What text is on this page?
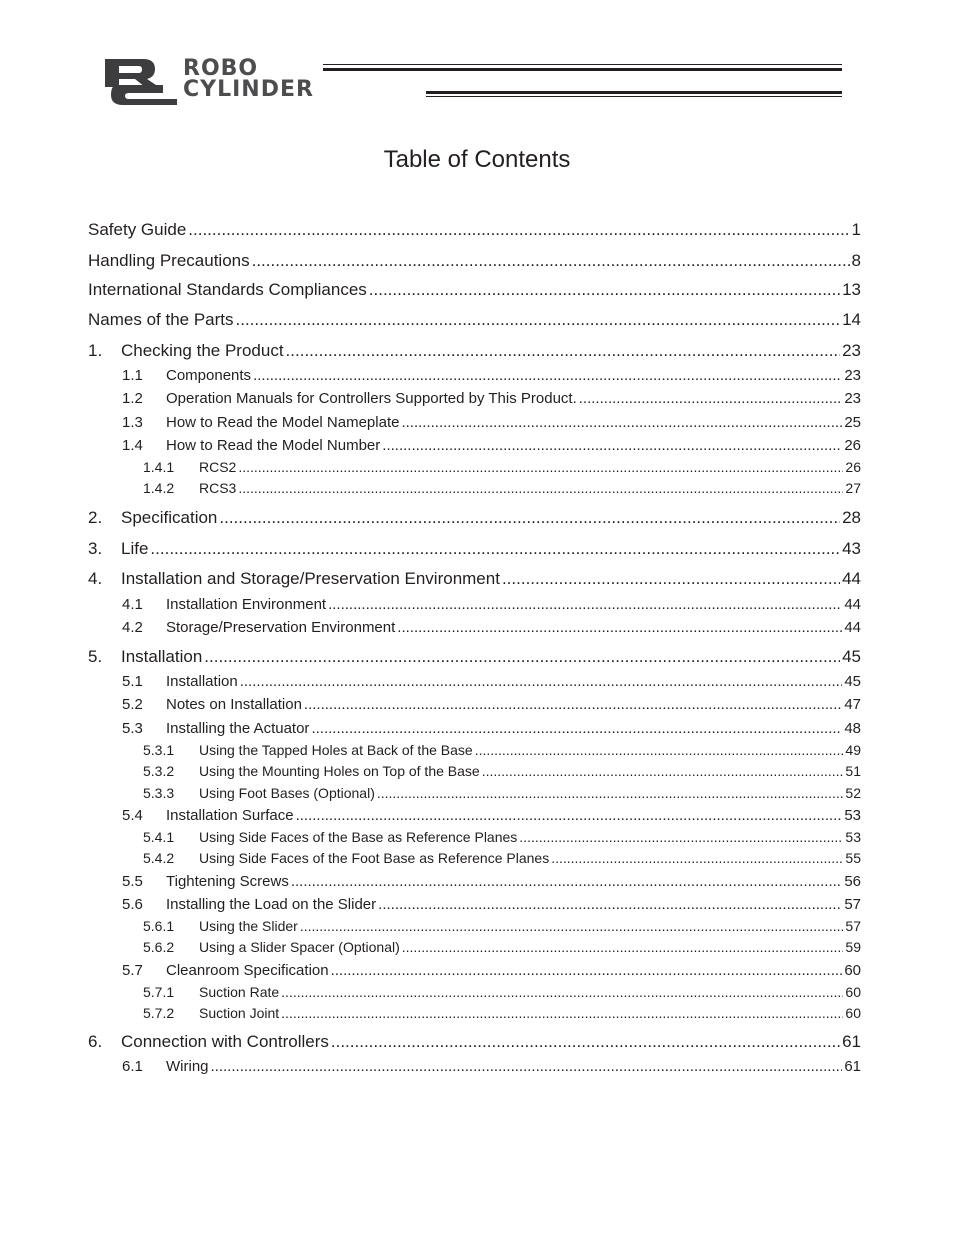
ROBO
CYLINDER
Table of Contents
Safety Guide .....	1
Handling Precautions .....	8
International Standards Compliances .....	13
Names of the Parts .....	14
1.	Checking the Product .....	23
1.1	Components .....	23
1.2	Operation Manuals for Controllers Supported by This Product. .....	23
1.3	How to Read the Model Nameplate .....	25
1.4	How to Read the Model Number .....	26
1.4.1	RCS2 .....	26
1.4.2	RCS3 .....	27
2.	Specification .....	28
3.	Life .....	43
4.	Installation and Storage/Preservation Environment .....	44
4.1	Installation Environment .....	44
4.2	Storage/Preservation Environment .....	44
5.	Installation .....	45
5.1	Installation .....	45
5.2	Notes on Installation .....	47
5.3	Installing the Actuator .....	48
5.3.1	Using the Tapped Holes at Back of the Base .....	49
5.3.2	Using the Mounting Holes on Top of the Base .....	51
5.3.3	Using Foot Bases (Optional) .....	52
5.4	Installation Surface .....	53
5.4.1	Using Side Faces of the Base as Reference Planes .....	53
5.4.2	Using Side Faces of the Foot Base as Reference Planes .....	55
5.5	Tightening Screws .....	56
5.6	Installing the Load on the Slider .....	57
5.6.1	Using the Slider .....	57
5.6.2	Using a Slider Spacer (Optional) .....	59
5.7	Cleanroom Specification .....	60
5.7.1	Suction Rate .....	60
5.7.2	Suction Joint .....	60
6.	Connection with Controllers .....	61
6.1	Wiring .....	61
